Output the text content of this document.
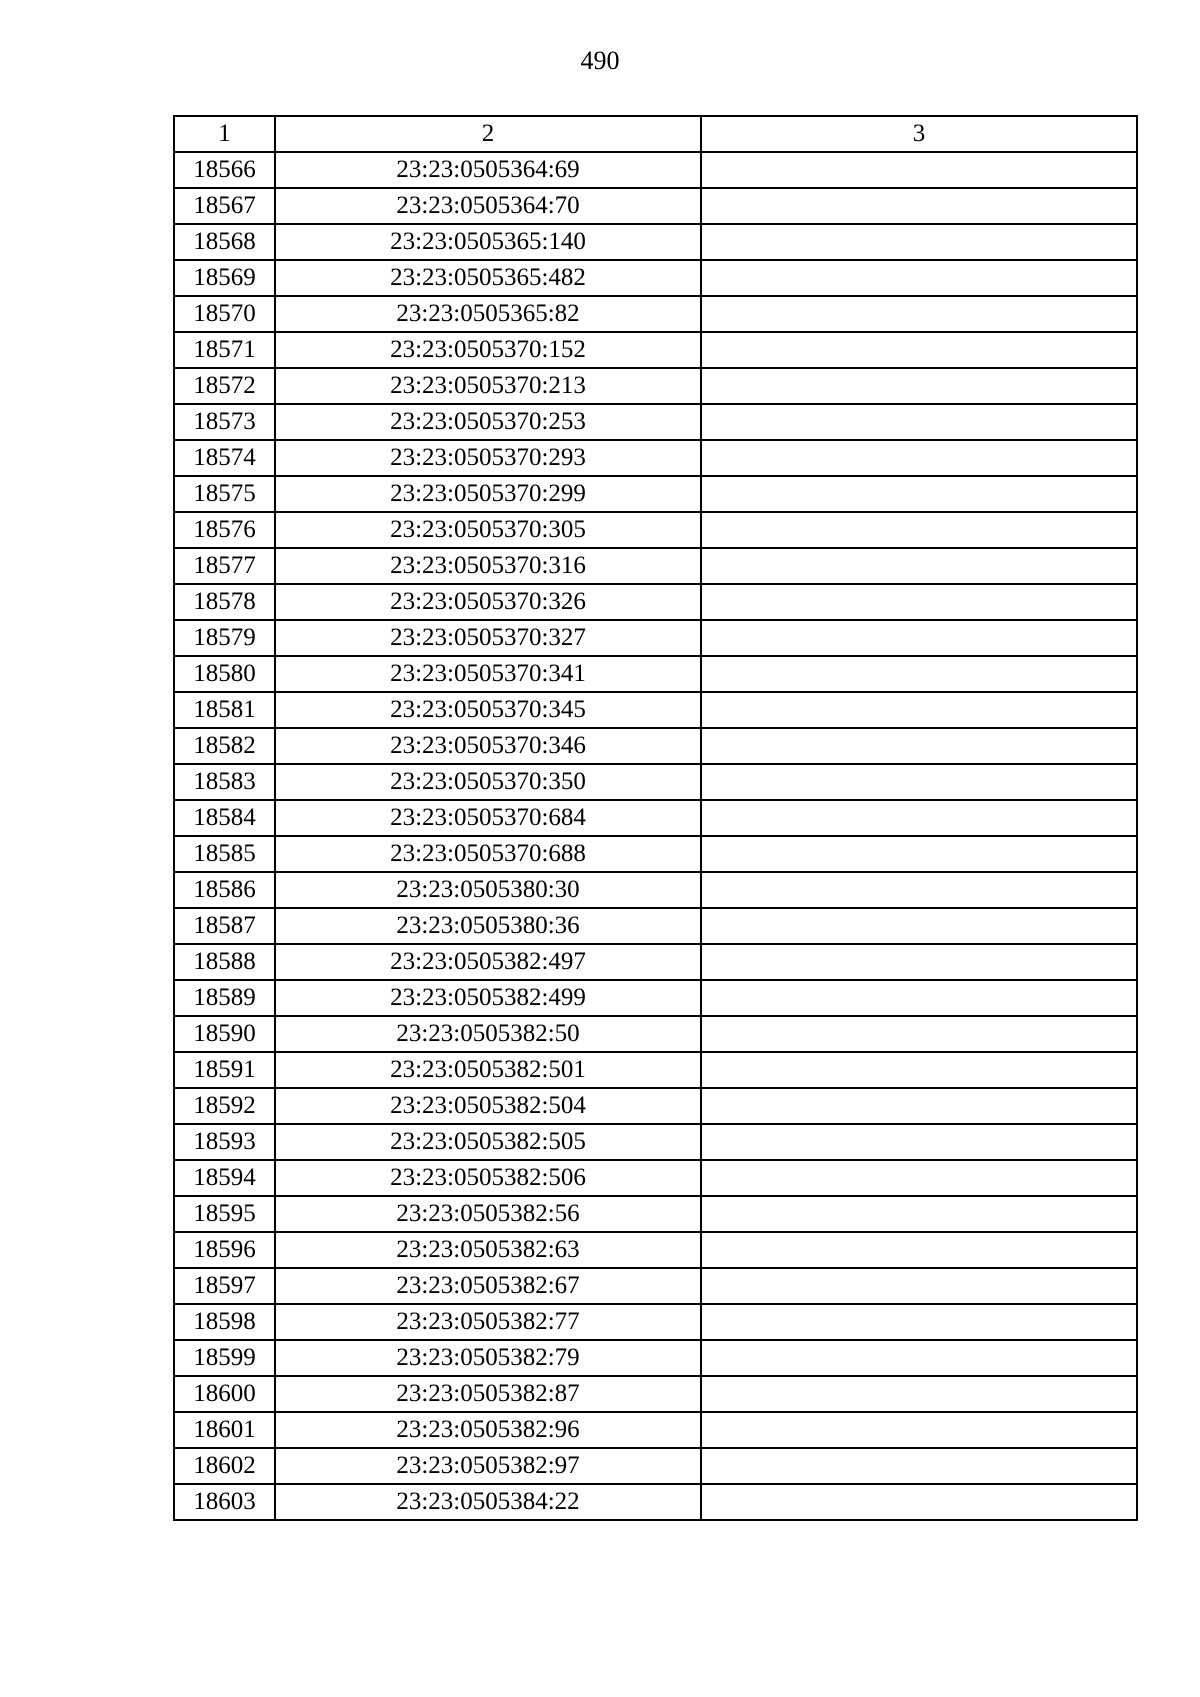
490
1	2	3
18566	23:23:0505364:69	
18567	23:23:0505364:70	
18568	23:23:0505365:140	
18569	23:23:0505365:482	
18570	23:23:0505365:82	
18571	23:23:0505370:152	
18572	23:23:0505370:213	
18573	23:23:0505370:253	
18574	23:23:0505370:293	
18575	23:23:0505370:299	
18576	23:23:0505370:305	
18577	23:23:0505370:316	
18578	23:23:0505370:326	
18579	23:23:0505370:327	
18580	23:23:0505370:341	
18581	23:23:0505370:345	
18582	23:23:0505370:346	
18583	23:23:0505370:350	
18584	23:23:0505370:684	
18585	23:23:0505370:688	
18586	23:23:0505380:30	
18587	23:23:0505380:36	
18588	23:23:0505382:497	
18589	23:23:0505382:499	
18590	23:23:0505382:50	
18591	23:23:0505382:501	
18592	23:23:0505382:504	
18593	23:23:0505382:505	
18594	23:23:0505382:506	
18595	23:23:0505382:56	
18596	23:23:0505382:63	
18597	23:23:0505382:67	
18598	23:23:0505382:77	
18599	23:23:0505382:79	
18600	23:23:0505382:87	
18601	23:23:0505382:96	
18602	23:23:0505382:97	
18603	23:23:0505384:22	
